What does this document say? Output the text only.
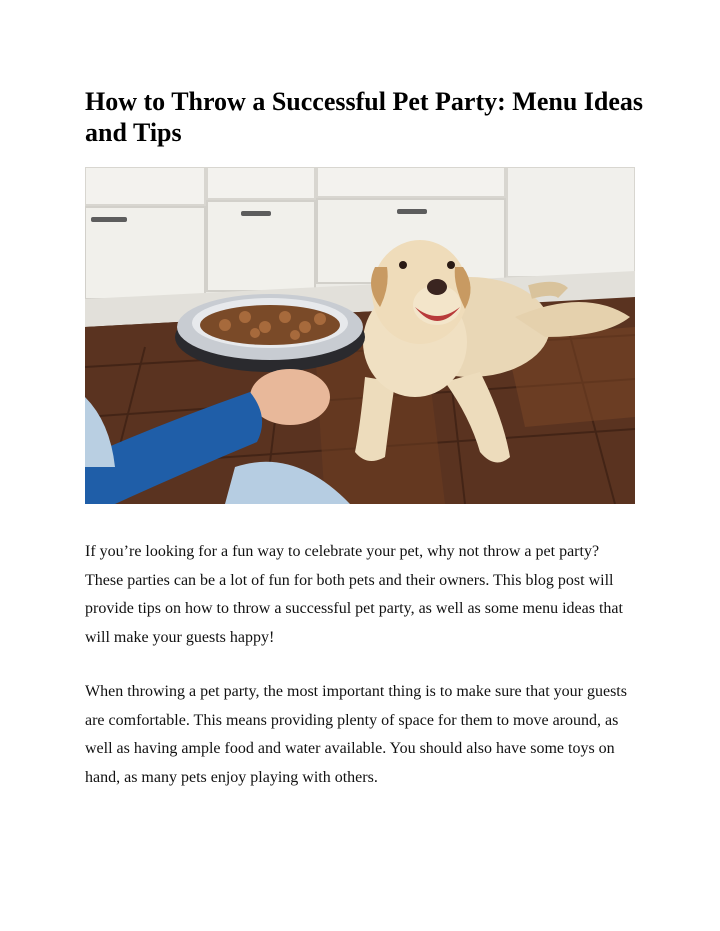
How to Throw a Successful Pet Party: Menu Ideas and Tips

If you’re looking for a fun way to celebrate your pet, why not throw a pet party? These parties can be a lot of fun for both pets and their owners. This blog post will provide tips on how to throw a successful pet party, as well as some menu ideas that will make your guests happy!

When throwing a pet party, the most important thing is to make sure that your guests are comfortable. This means providing plenty of space for them to move around, as well as having ample food and water available. You should also have some toys on hand, as many pets enjoy playing with others.
